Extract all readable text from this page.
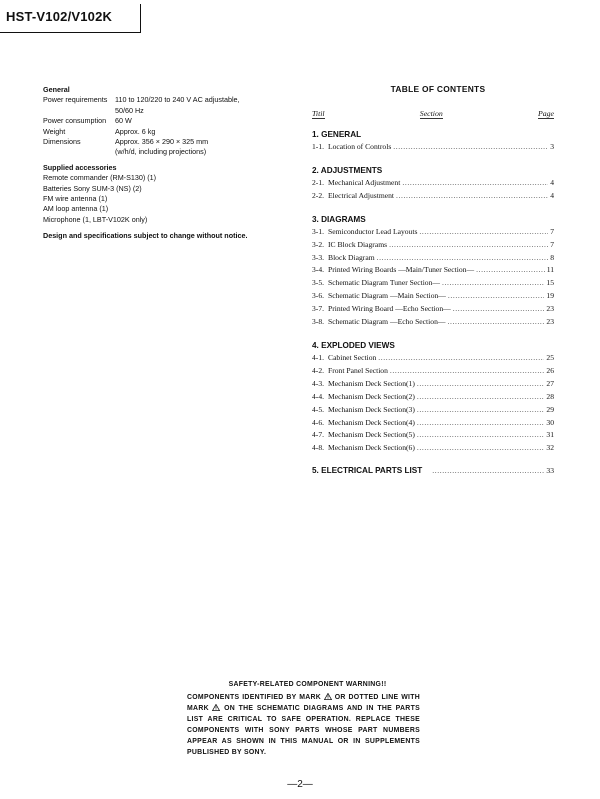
HST-V102/V102K
General
Power requirements	110 to 120/220 to 240 V AC adjustable,
50/60 Hz
Power consumption	60 W
Weight	Approx. 6 kg
Dimensions	Approx. 356 × 290 × 325 mm
(w/h/d, including projections)
Supplied accessories
Remote commander (RM-S130) (1)
Batteries Sony SUM-3 (NS) (2)
FM wire antenna (1)
AM loop antenna (1)
Microphone (1, LBT-V102K only)
Design and specifications subject to change without notice.
TABLE OF CONTENTS
Titil	Section	Page
1. GENERAL
1-1. Location of Controls .....	3
2. ADJUSTMENTS
2-1. Mechanical Adjustment .....	4
2-2. Electrical Adjustment .....	4
3. DIAGRAMS
3-1. Semiconductor Lead Layouts .....	7
3-2. IC Block Diagrams .....	7
3-3. Block Diagram .....	8
3-4. Printed Wiring Boards —Main/Tuner Section— .....	11
3-5. Schematic Diagram Tuner Section— .....	15
3-6. Schematic Diagram —Main Section— .....	19
3-7. Printed Wiring Board —Echo Section— .....	23
3-8. Schematic Diagram —Echo Section— .....	23
4. EXPLODED VIEWS
4-1. Cabinet Section .....	25
4-2. Front Panel Section .....	26
4-3. Mechanism Deck Section(1) .....	27
4-4. Mechanism Deck Section(2) .....	28
4-5. Mechanism Deck Section(3) .....	29
4-6. Mechanism Deck Section(4) .....	30
4-7. Mechanism Deck Section(5) .....	31
4-8. Mechanism Deck Section(6) .....	32
5. ELECTRICAL PARTS LIST .....	33
SAFETY-RELATED COMPONENT WARNING!!
COMPONENTS IDENTIFIED BY MARK OR DOTTED LINE WITH MARK ON THE SCHEMATIC DIAGRAMS AND IN THE PARTS LIST ARE CRITICAL TO SAFE OPERATION. REPLACE THESE COMPONENTS WITH SONY PARTS WHOSE PART NUMBERS APPEAR AS SHOWN IN THIS MANUAL OR IN SUPPLEMENTS PUBLISHED BY SONY.
—2—
